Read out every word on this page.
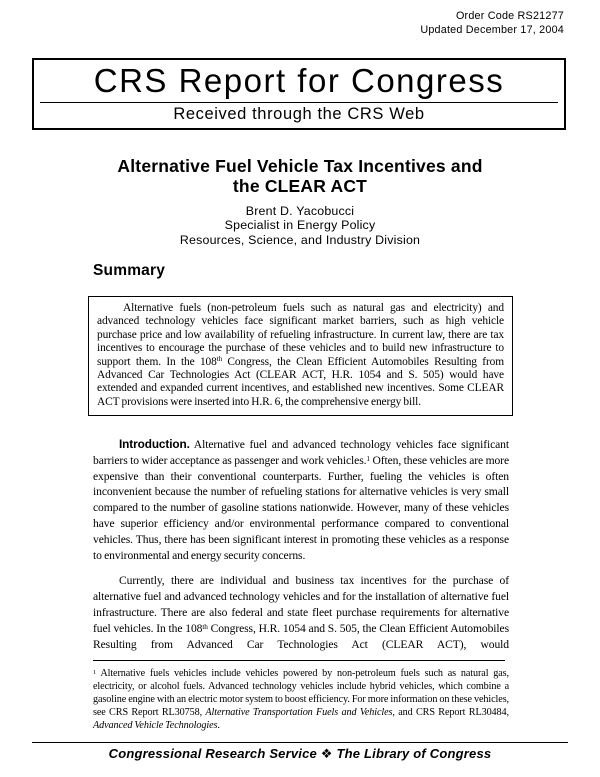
Order Code RS21277
Updated December 17, 2004
CRS Report for Congress
Received through the CRS Web
Alternative Fuel Vehicle Tax Incentives and
the CLEAR ACT
Brent D. Yacobucci
Specialist in Energy Policy
Resources, Science, and Industry Division
Summary

Alternative fuels (non-petroleum fuels such as natural gas and electricity) and advanced technology vehicles face significant market barriers, such as high vehicle purchase price and low availability of refueling infrastructure. In current law, there are tax incentives to encourage the purchase of these vehicles and to build new infrastructure to support them. In the 108th Congress, the Clean Efficient Automobiles Resulting from Advanced Car Technologies Act (CLEAR ACT, H.R. 1054 and S. 505) would have extended and expanded current incentives, and established new incentives. Some CLEAR ACT provisions were inserted into H.R. 6, the comprehensive energy bill.

Introduction. Alternative fuel and advanced technology vehicles face significant barriers to wider acceptance as passenger and work vehicles.$^1$ Often, these vehicles are more expensive than their conventional counterparts. Further, fueling the vehicles is often inconvenient because the number of refueling stations for alternative vehicles is very small compared to the number of gasoline stations nationwide. However, many of these vehicles have superior efficiency and/or environmental performance compared to conventional vehicles. Thus, there has been significant interest in promoting these vehicles as a response to environmental and energy security concerns.

Currently, there are individual and business tax incentives for the purchase of alternative fuel and advanced technology vehicles and for the installation of alternative fuel infrastructure. There are also federal and state fleet purchase requirements for alternative fuel vehicles. In the 108th Congress, H.R. 1054 and S. 505, the Clean Efficient Automobiles Resulting from Advanced Car Technologies Act (CLEAR ACT), would

$^1$ Alternative fuels vehicles include vehicles powered by non-petroleum fuels such as natural gas, electricity, or alcohol fuels. Advanced technology vehicles include hybrid vehicles, which combine a gasoline engine with an electric motor system to boost efficiency. For more information on these vehicles, see CRS Report RL30758, Alternative Transportation Fuels and Vehicles, and CRS Report RL30484, Advanced Vehicle Technologies.

Congressional Research Service ❖ The Library of Congress
